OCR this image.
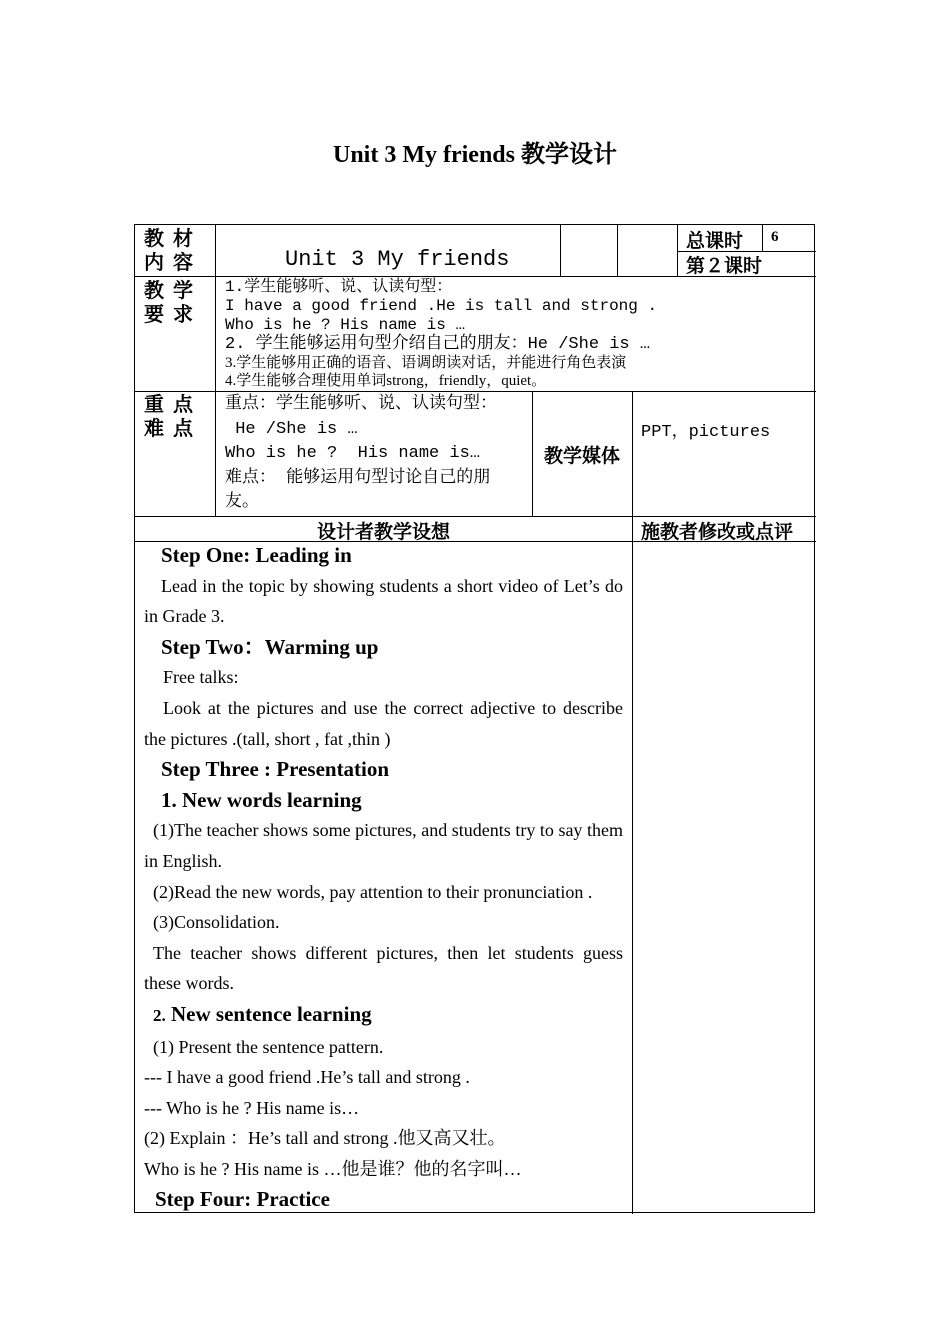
Unit 3 My friends 教学设计
教 材
内 容	Unit 3 My friends
总课时 6
第２课时
教 学
要 求
1.学生能够听、说、认读句型：
I have a good friend .He is tall and strong .
Who is he ? His name is …
2. 学生能够运用句型介绍自己的朋友：He /She is …
3.学生能够用正确的语音、语调朗读对话，并能进行角色表演
4.学生能够合理使用单词strong，friendly，quiet。
重 点
难 点
重点：学生能够听、说、认读句型：
He /She is …
Who is he ?  His name is…
难点： 能够运用句型讨论自己的朋
友。
教学媒体
PPT，pictures
设计者教学设想	施教者修改或点评
Step One: Leading in
Lead in the topic by showing students a short video of Let’s do in Grade 3.
Step Two：Warming up
Free talks:
Look at the pictures and use the correct adjective to describe the pictures .(tall, short , fat ,thin )
Step Three : Presentation
1. New words learning
(1)The teacher shows some pictures, and students try to say them in English.
(2)Read the new words, pay attention to their pronunciation .
(3)Consolidation.
The teacher shows different pictures, then let students guess these words.
2. New sentence learning
(1) Present the sentence pattern.
--- I have a good friend .He’s tall and strong .
--- Who is he ? His name is…
(2) Explain ：He’s tall and strong .他又高又壮。
Who is he ? His name is …他是谁？他的名字叫…
Step Four: Practice
